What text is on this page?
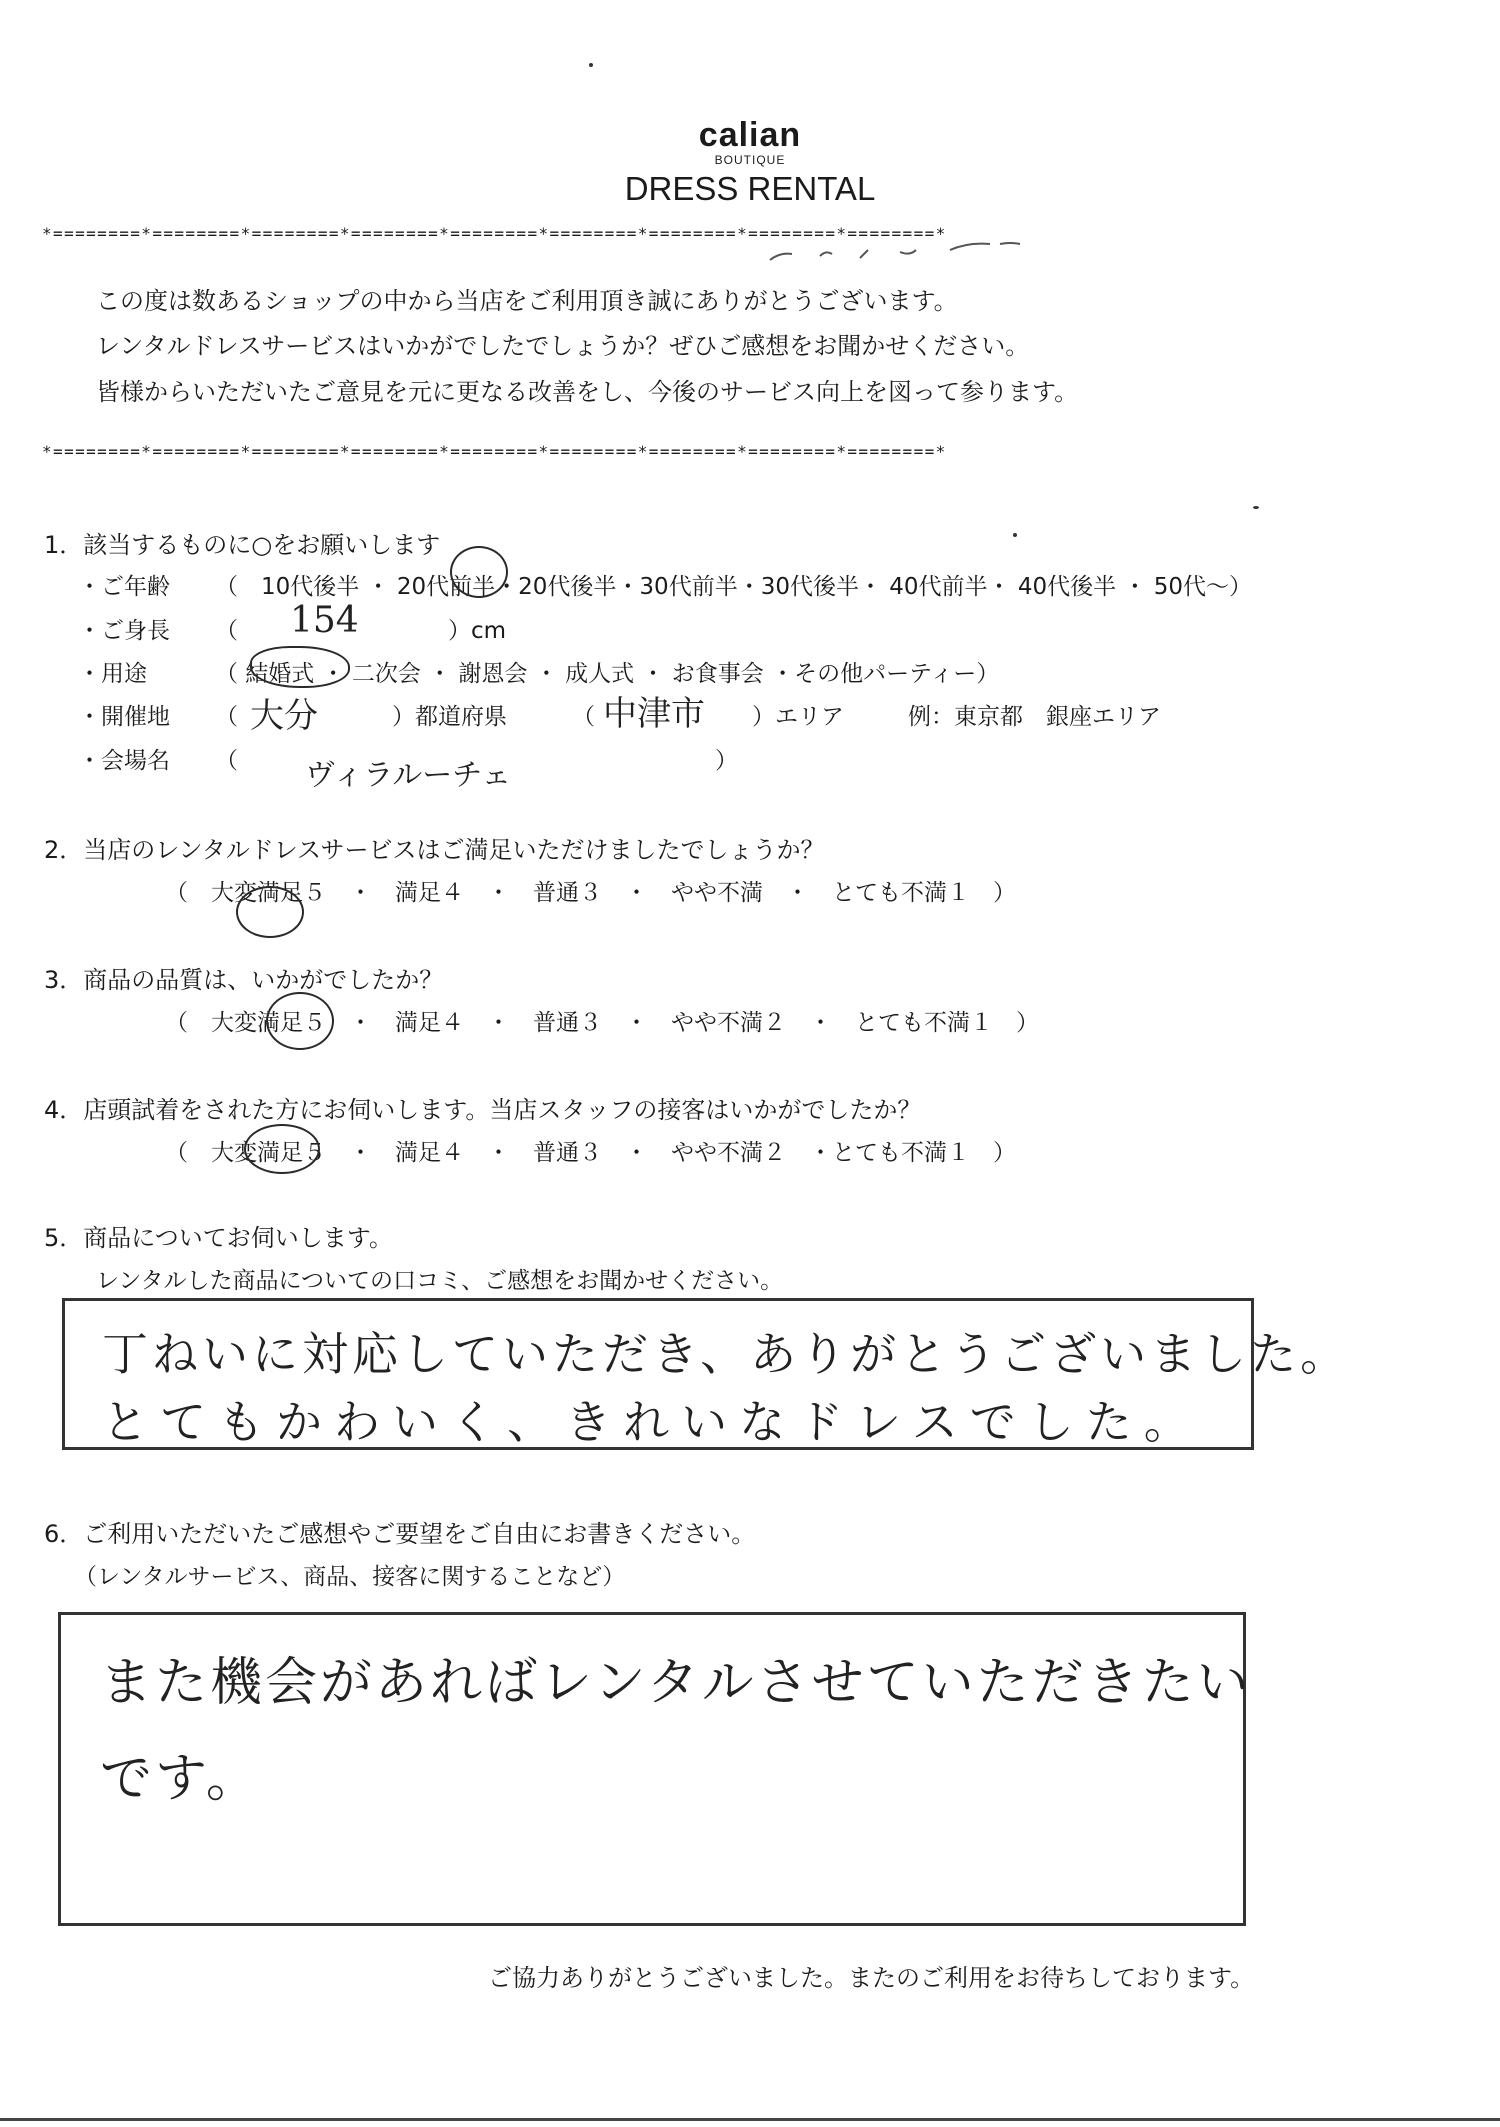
calian
BOUTIQUE
DRESS RENTAL
*========*========*========*========*========*========*========*========*========*
この度は数あるショップの中から当店をご利用頂き誠にありがとうございます。
レンタルドレスサービスはいかがでしたでしょうか？ぜひご感想をお聞かせください。
皆様からいただいたご意見を元に更なる改善をし、今後のサービス向上を図って参ります。
*========*========*========*========*========*========*========*========*========*
1．該当するものに○をお願いします
・ご年齢 （　10代後半 ・ 20代前半・20代後半・30代前半・30代後半・ 40代前半・ 40代後半 ・ 50代～）
・ご身長 （ 154	）cm
・用途	（ 結婚式 ・ 二次会 ・ 謝恩会 ・ 成人式 ・ お食事会 ・その他パーティー）
・開催地 （ 大分	）都道府県	（ 中津市 ）エリア	例：東京都　銀座エリア
・会場名 （ ヴィラルーチェ	）
2．当店のレンタルドレスサービスはご満足いただけましたでしょうか？
（　大変満足５　・　満足４　・　普通３　・　やや不満　・　とても不満１　）
3．商品の品質は、いかがでしたか？
（　大変満足５　・　満足４　・　普通３　・　やや不満２　・　とても不満１　）
4．店頭試着をされた方にお伺いします。当店スタッフの接客はいかがでしたか？
（　大変満足５　・　満足４　・　普通３　・　やや不満２　・とても不満１　）
5．商品についてお伺いします。
レンタルした商品についての口コミ、ご感想をお聞かせください。
丁ねいに対応していただき、ありがとうございました。
とてもかわいく、きれいなドレスでした。
6．ご利用いただいたご感想やご要望をご自由にお書きください。
（レンタルサービス、商品、接客に関することなど）
また機会があればレンタルさせていただきたい
です。
ご協力ありがとうございました。またのご利用をお待ちしております。
